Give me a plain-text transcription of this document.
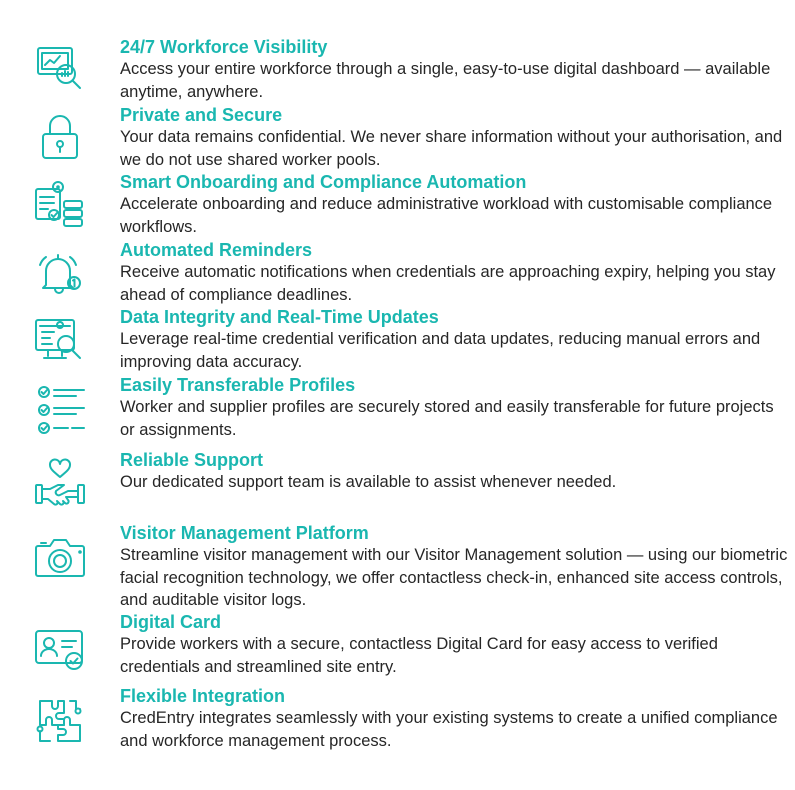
24/7 Workforce Visibility

Access your entire workforce through a single, easy-to-use digital dashboard — available anytime, anywhere.

Private and Secure

Your data remains confidential. We never share information without your authorisation, and we do not use shared worker pools.

Smart Onboarding and Compliance Automation

Accelerate onboarding and reduce administrative workload with customisable compliance workflows.

Automated Reminders

Receive automatic notifications when credentials are approaching expiry, helping you stay ahead of compliance deadlines.

Data Integrity and Real-Time Updates

Leverage real-time credential verification and data updates, reducing manual errors and improving data accuracy.

Easily Transferable Profiles

Worker and supplier profiles are securely stored and easily transferable for future projects or assignments.

Reliable Support

Our dedicated support team is available to assist whenever needed.

Visitor Management Platform

Streamline visitor management with our Visitor Management solution — using our biometric facial recognition technology, we offer contactless check-in, enhanced site access controls, and auditable visitor logs.

Digital Card

Provide workers with a secure, contactless Digital Card for easy access to verified credentials and streamlined site entry.

Flexible Integration

CredEntry integrates seamlessly with your existing systems to create a unified compliance and workforce management process.
